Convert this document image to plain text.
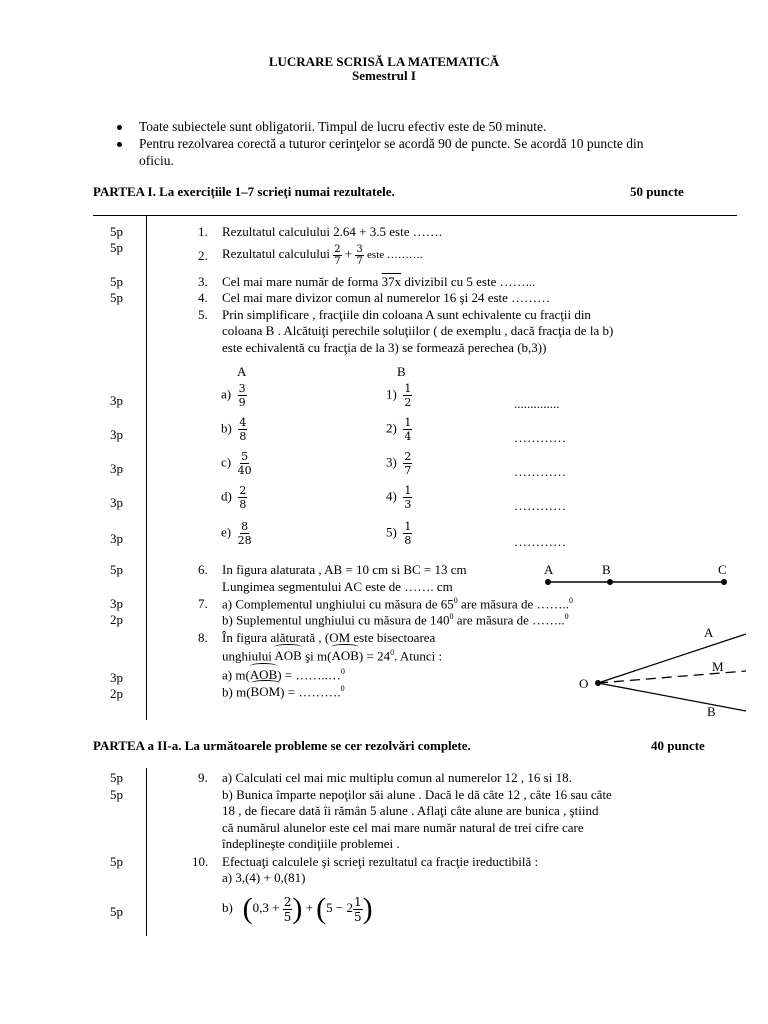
LUCRARE SCRISĂ LA MATEMATICĂ
Semestrul I
Toate subiectele sunt obligatorii. Timpul de lucru efectiv este de 50 minute.
Pentru rezolvarea corectă a tuturor cerinţelor se acordă 90 de puncte. Se acordă 10 puncte din
oficiu.
PARTEA I. La exerciţiile 1–7 scrieţi numai rezultatele.	50 puncte
5p	1. Rezultatul calculului 2.64 + 3.5 este …….
5p
2. Rezultatul calculului $\frac{2}{7} + \frac{3}{7}$ este ……….
5p	3. Cel mai mare număr de forma 37x divizibil cu 5 este ……...
5p	4. Cel mai mare divizor comun al numerelor 16 şi 24 este ………
5. Prin simplificare , fracţiile din coloana A sunt echivalente cu fracţii din
coloana B . Alcătuiţi perechile soluţiilor ( de exemplu , dacă fracţia de la b)
este echivalentă cu fracţia de la 3) se formează perechea (b,3))
A	B
3p	$a) \frac{3}{9}$	$1) \frac{1}{2}$	..............
3p	$b) \frac{4}{8}$	$2) \frac{1}{4}$	…………
3p	$c) \frac{5}{40}$	$3) \frac{2}{7}$	…………
3p	$d) \frac{2}{8}$	$4) \frac{1}{3}$	…………
3p	$e) \frac{8}{28}$	$5) \frac{1}{8}$	…………
5p	6. In figura alaturata , AB = 10 cm si BC = 13 cm
Lungimea segmentului AC este de ……. cm
A	B	C
3p
2p
7. a) Complementul unghiului cu măsura de $65^0$ are măsura de ……..$^0$
b) Suplementul unghiului cu măsura de $140^0$ are măsura de ……..$^0$
8. În figura alăturată , (OM este bisectoarea
unghiului AOB
şi m(AOB
) = $24^0$. Atunci :
3p
2p
a) m(AOB
) = ……..…$^0$
b) m(BOM
) = ……….$^0$	O
A
M
B
PARTEA a II-a. La următoarele probleme se cer rezolvări complete.	40 puncte
5p
5p
9. a) Calculati cel mai mic multiplu comun al numerelor 12 , 16 si 18.
b) Bunica împarte nepoţilor săi alune . Dacă le dă câte 12 , câte 16 sau câte
18 , de fiecare dată îi rămân 5 alune . Aflaţi câte alune are bunica , ştiind
că numărul alunelor este cel mai mare număr natural de trei cifre care
îndeplineşte condiţiile problemei .
5p	10. Efectuaţi calculele şi scrieţi rezultatul ca fracţie ireductibilă :
a) 3,(4) + 0,(81)
5p	b) ($0,3 + \frac{2}{5}$ ) + ($5 - 2 \frac{1}{5}$ )
